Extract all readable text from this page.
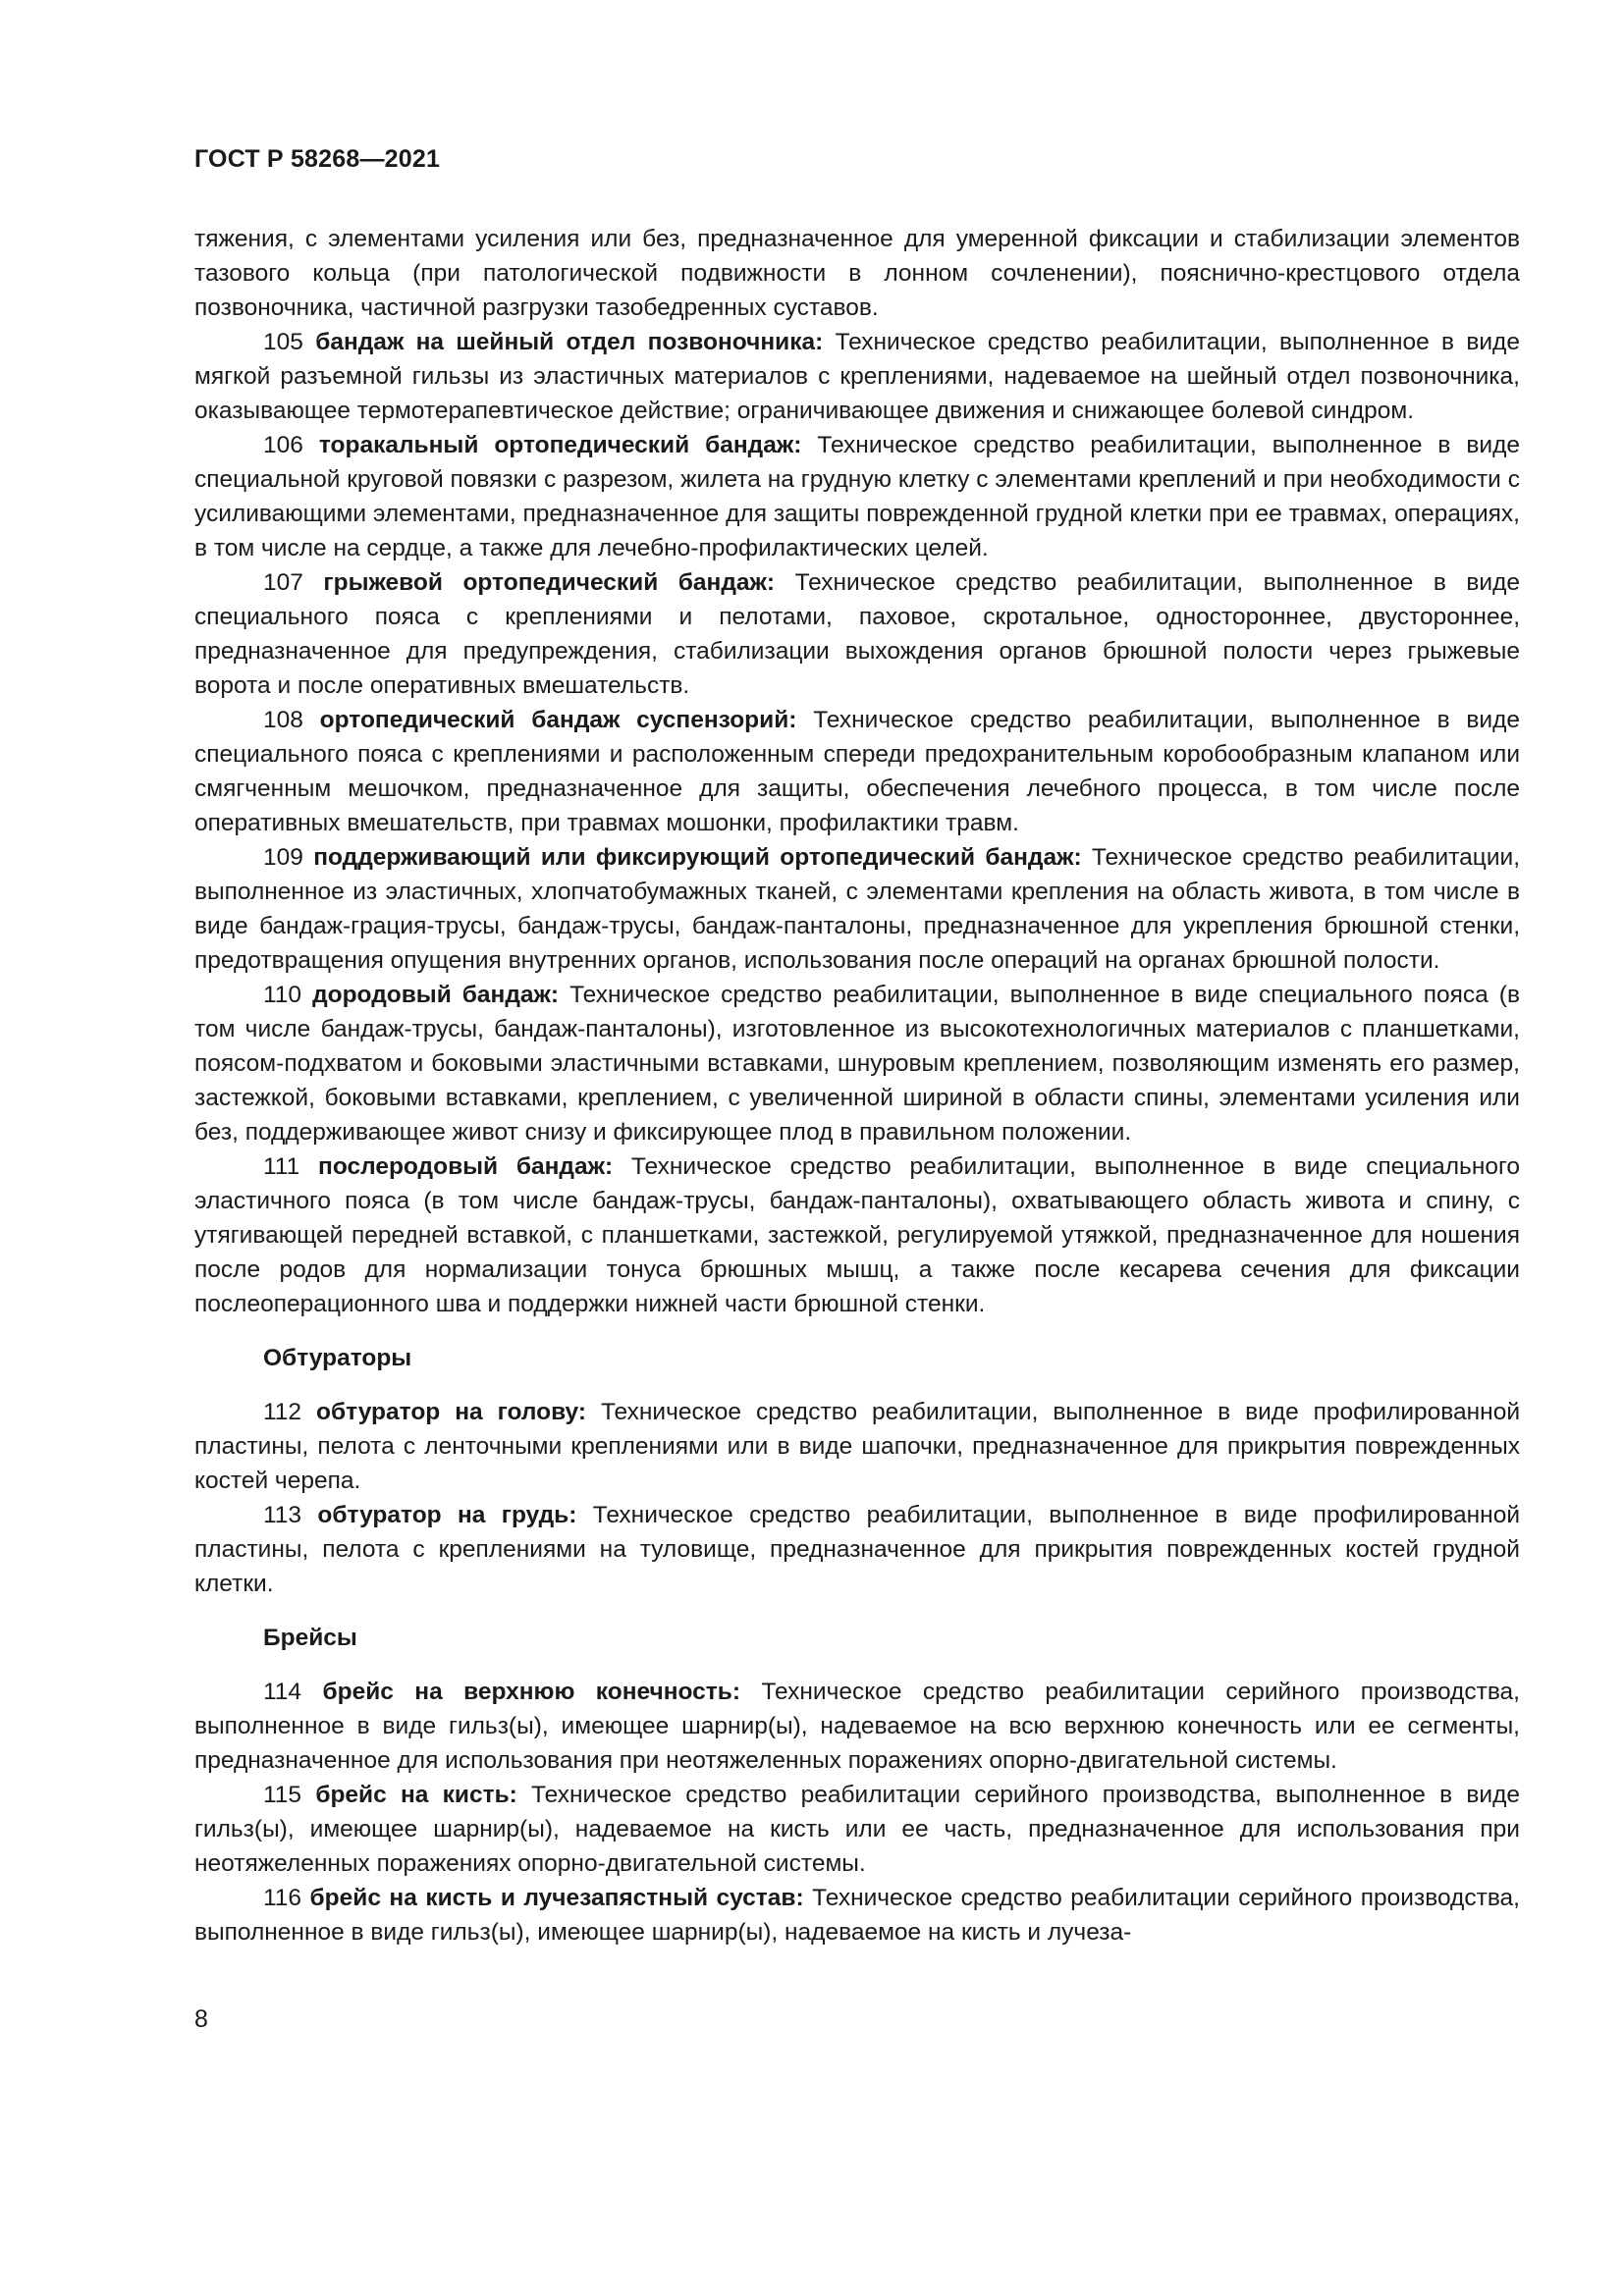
ГОСТ Р 58268—2021

тяжения, с элементами усиления или без, предназначенное для умеренной фиксации и стабилизации элементов тазового кольца (при патологической подвижности в лонном сочленении), пояснично-крестцового отдела позвоночника, частичной разгрузки тазобедренных суставов.

105 бандаж на шейный отдел позвоночника: Техническое средство реабилитации, выполненное в виде мягкой разъемной гильзы из эластичных материалов с креплениями, надеваемое на шейный отдел позвоночника, оказывающее термотерапевтическое действие; ограничивающее движения и снижающее болевой синдром.

106 торакальный ортопедический бандаж: Техническое средство реабилитации, выполненное в виде специальной круговой повязки с разрезом, жилета на грудную клетку с элементами креплений и при необходимости с усиливающими элементами, предназначенное для защиты поврежденной грудной клетки при ее травмах, операциях, в том числе на сердце, а также для лечебно-профилактических целей.

107 грыжевой ортопедический бандаж: Техническое средство реабилитации, выполненное в виде специального пояса с креплениями и пелотами, паховое, скротальное, одностороннее, двустороннее, предназначенное для предупреждения, стабилизации выхождения органов брюшной полости через грыжевые ворота и после оперативных вмешательств.

108 ортопедический бандаж суспензорий: Техническое средство реабилитации, выполненное в виде специального пояса с креплениями и расположенным спереди предохранительным коробообразным клапаном или смягченным мешочком, предназначенное для защиты, обеспечения лечебного процесса, в том числе после оперативных вмешательств, при травмах мошонки, профилактики травм.

109 поддерживающий или фиксирующий ортопедический бандаж: Техническое средство реабилитации, выполненное из эластичных, хлопчатобумажных тканей, с элементами крепления на область живота, в том числе в виде бандаж-грация-трусы, бандаж-трусы, бандаж-панталоны, предназначенное для укрепления брюшной стенки, предотвращения опущения внутренних органов, использования после операций на органах брюшной полости.

110 дородовый бандаж: Техническое средство реабилитации, выполненное в виде специального пояса (в том числе бандаж-трусы, бандаж-панталоны), изготовленное из высокотехнологичных материалов с планшетками, поясом-подхватом и боковыми эластичными вставками, шнуровым креплением, позволяющим изменять его размер, застежкой, боковыми вставками, креплением, с увеличенной шириной в области спины, элементами усиления или без, поддерживающее живот снизу и фиксирующее плод в правильном положении.

111 послеродовый бандаж: Техническое средство реабилитации, выполненное в виде специального эластичного пояса (в том числе бандаж-трусы, бандаж-панталоны), охватывающего область живота и спину, с утягивающей передней вставкой, с планшетками, застежкой, регулируемой утяжкой, предназначенное для ношения после родов для нормализации тонуса брюшных мышц, а также после кесарева сечения для фиксации послеоперационного шва и поддержки нижней части брюшной стенки.

Обтураторы

112 обтуратор на голову: Техническое средство реабилитации, выполненное в виде профилированной пластины, пелота с ленточными креплениями или в виде шапочки, предназначенное для прикрытия поврежденных костей черепа.

113 обтуратор на грудь: Техническое средство реабилитации, выполненное в виде профилированной пластины, пелота с креплениями на туловище, предназначенное для прикрытия поврежденных костей грудной клетки.

Брейсы

114 брейс на верхнюю конечность: Техническое средство реабилитации серийного производства, выполненное в виде гильз(ы), имеющее шарнир(ы), надеваемое на всю верхнюю конечность или ее сегменты, предназначенное для использования при неотяжеленных поражениях опорно-двигательной системы.

115 брейс на кисть: Техническое средство реабилитации серийного производства, выполненное в виде гильз(ы), имеющее шарнир(ы), надеваемое на кисть или ее часть, предназначенное для использования при неотяжеленных поражениях опорно-двигательной системы.

116 брейс на кисть и лучезапястный сустав: Техническое средство реабилитации серийного производства, выполненное в виде гильз(ы), имеющее шарнир(ы), надеваемое на кисть и лучеза-

8
